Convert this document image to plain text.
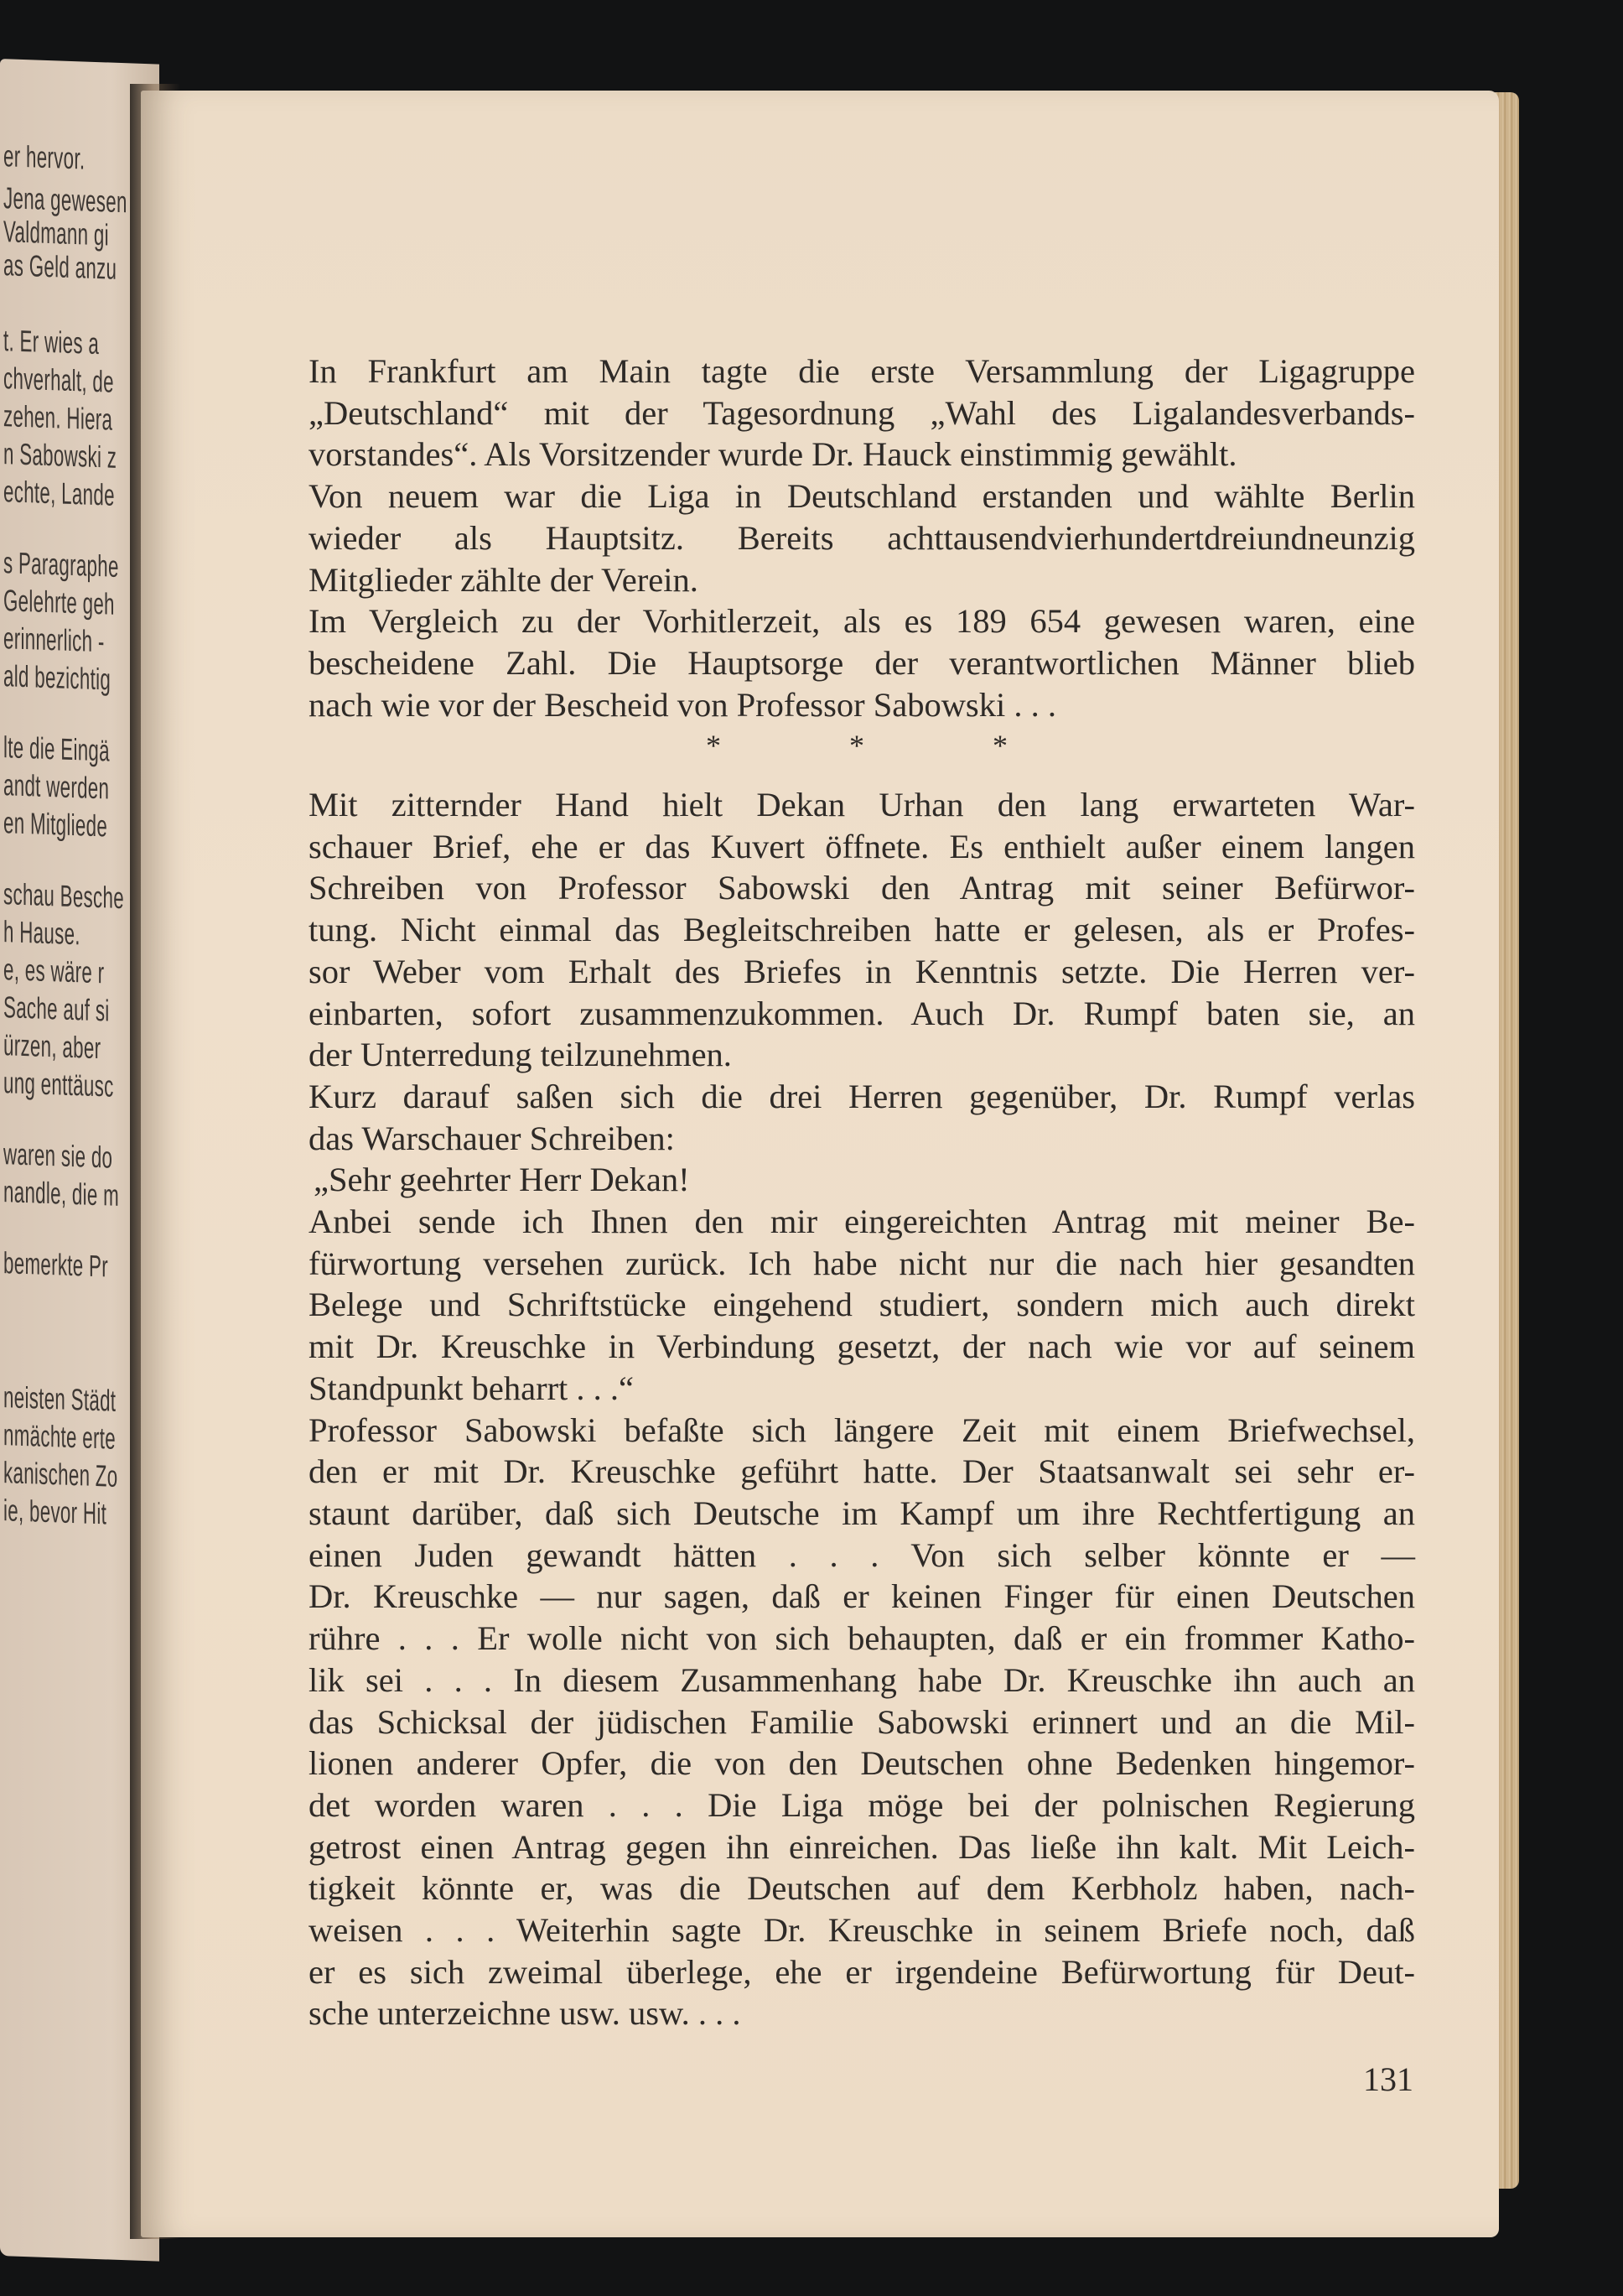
er hervor.
Jena gewesen
Valdmann gi
as Geld anzu
t. Er wies a
chverhalt, de
zehen. Hiera
n Sabowski z
echte, Lande
s Paragraphe
Gelehrte geh
erinnerlich -
ald bezichtig
lte die Eingä
andt werden
en Mitgliede
schau Besche
h Hause.
e, es wäre r
Sache auf si
ürzen, aber
ung enttäusc
waren sie do
nandle, die m
bemerkte Pr
neisten Städt
nmächte erte
kanischen Zo
ie, bevor Hit
In Frankfurt am Main tagte die erste Versammlung der Ligagruppe
„Deutschland“ mit der Tagesordnung „Wahl des Ligalandesverbands-
vorstandes“. Als Vorsitzender wurde Dr. Hauck einstimmig gewählt.
Von neuem war die Liga in Deutschland erstanden und wählte Berlin
wieder als Hauptsitz. Bereits achttausendvierhundertdreiundneunzig
Mitglieder zählte der Verein.
Im Vergleich zu der Vorhitlerzeit, als es 189 654 gewesen waren, eine
bescheidene Zahl. Die Hauptsorge der verantwortlichen Männer blieb
nach wie vor der Bescheid von Professor Sabowski . . .
* * *
Mit zitternder Hand hielt Dekan Urhan den lang erwarteten War-
schauer Brief, ehe er das Kuvert öffnete. Es enthielt außer einem langen
Schreiben von Professor Sabowski den Antrag mit seiner Befürwor-
tung. Nicht einmal das Begleitschreiben hatte er gelesen, als er Profes-
sor Weber vom Erhalt des Briefes in Kenntnis setzte. Die Herren ver-
einbarten, sofort zusammenzukommen. Auch Dr. Rumpf baten sie, an
der Unterredung teilzunehmen.
Kurz darauf saßen sich die drei Herren gegenüber, Dr. Rumpf verlas
das Warschauer Schreiben:
„Sehr geehrter Herr Dekan!
Anbei sende ich Ihnen den mir eingereichten Antrag mit meiner Be-
fürwortung versehen zurück. Ich habe nicht nur die nach hier gesandten
Belege und Schriftstücke eingehend studiert, sondern mich auch direkt
mit Dr. Kreuschke in Verbindung gesetzt, der nach wie vor auf seinem
Standpunkt beharrt . . .“
Professor Sabowski befaßte sich längere Zeit mit einem Briefwechsel,
den er mit Dr. Kreuschke geführt hatte. Der Staatsanwalt sei sehr er-
staunt darüber, daß sich Deutsche im Kampf um ihre Rechtfertigung an
einen Juden gewandt hätten . . . Von sich selber könnte er —
Dr. Kreuschke — nur sagen, daß er keinen Finger für einen Deutschen
rühre . . . Er wolle nicht von sich behaupten, daß er ein frommer Katho-
lik sei . . . In diesem Zusammenhang habe Dr. Kreuschke ihn auch an
das Schicksal der jüdischen Familie Sabowski erinnert und an die Mil-
lionen anderer Opfer, die von den Deutschen ohne Bedenken hingemor-
det worden waren . . . Die Liga möge bei der polnischen Regierung
getrost einen Antrag gegen ihn einreichen. Das ließe ihn kalt. Mit Leich-
tigkeit könnte er, was die Deutschen auf dem Kerbholz haben, nach-
weisen . . . Weiterhin sagte Dr. Kreuschke in seinem Briefe noch, daß
er es sich zweimal überlege, ehe er irgendeine Befürwortung für Deut-
sche unterzeichne usw. usw. . . .
131
